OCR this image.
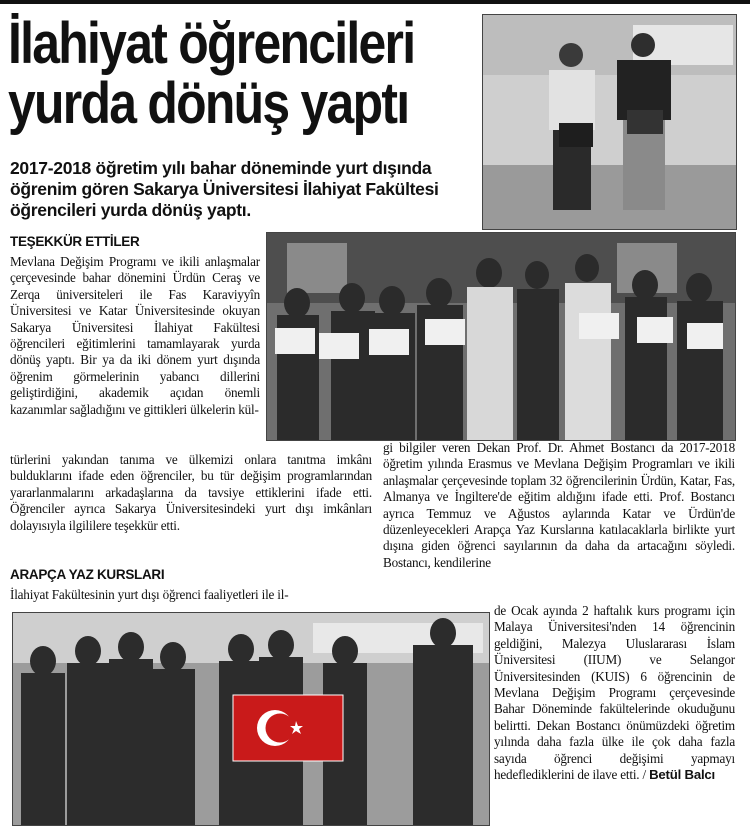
İlahiyat öğrencileri
yurda dönüş yaptı

2017-2018 öğretim yılı bahar döneminde yurt dışında öğrenim gören Sakarya Üniversitesi İlahiyat Fakültesi öğrencileri yurda dönüş yaptı.

TEŞEKKÜR ETTİLER

Mevlana Değişim Programı ve ikili anlaşmalar çerçevesinde bahar dönemini Ürdün Ceraş ve Zerqa üniversiteleri ile Fas Karaviyyîn Üniversitesi ve Katar Üniversitesinde okuyan Sakarya Üniversitesi İlahiyat Fakültesi öğrencileri eğitimlerini tamamlayarak yurda dönüş yaptı. Bir ya da iki dönem yurt dışında öğrenim görmelerinin yabancı dillerini geliştirdiğini, akademik açıdan önemli kazanımlar sağladığını ve gittikleri ülkelerin kül-

türlerini yakından tanıma ve ülkemizi onlara tanıtma imkânı bulduklarını ifade eden öğrenciler, bu tür değişim programlarından yararlanmalarını arkadaşlarına da tavsiye ettiklerini ifade etti. Öğrenciler ayrıca Sakarya Üniversitesindeki yurt dışı imkânları dolayısıyla ilgililere teşekkür etti.

ARAPÇA YAZ KURSLARI

İlahiyat Fakültesinin yurt dışı öğrenci faaliyetleri ile il-

gi bilgiler veren Dekan Prof. Dr. Ahmet Bostancı da 2017-2018 öğretim yılında Erasmus ve Mevlana Değişim Programları ve ikili anlaşmalar çerçevesinde toplam 32 öğrencilerinin Ürdün, Katar, Fas, Almanya ve İngiltere'de eğitim aldığını ifade etti. Prof. Bostancı ayrıca Temmuz ve Ağustos aylarında Katar ve Ürdün'de düzenleyecekleri Arapça Yaz Kurslarına katılacaklarla birlikte yurt dışına giden öğrenci sayılarının da daha da artacağını söyledi. Bostancı, kendilerine

de Ocak ayında 2 haftalık kurs programı için Malaya Üniversitesi'nden 14 öğrencinin geldiğini, Malezya Uluslararası İslam Üniversitesi (IIUM) ve Selangor Üniversitesinden (KUIS) 6 öğrencinin de Mevlana Değişim Programı çerçevesinde Bahar Döneminde fakültelerinde okuduğunu belirtti. Dekan Bostancı önümüzdeki öğretim yılında daha fazla ülke ile çok daha fazla sayıda öğrenci değişimi yapmayı hedeflediklerini de ilave etti. / Betül Balcı
